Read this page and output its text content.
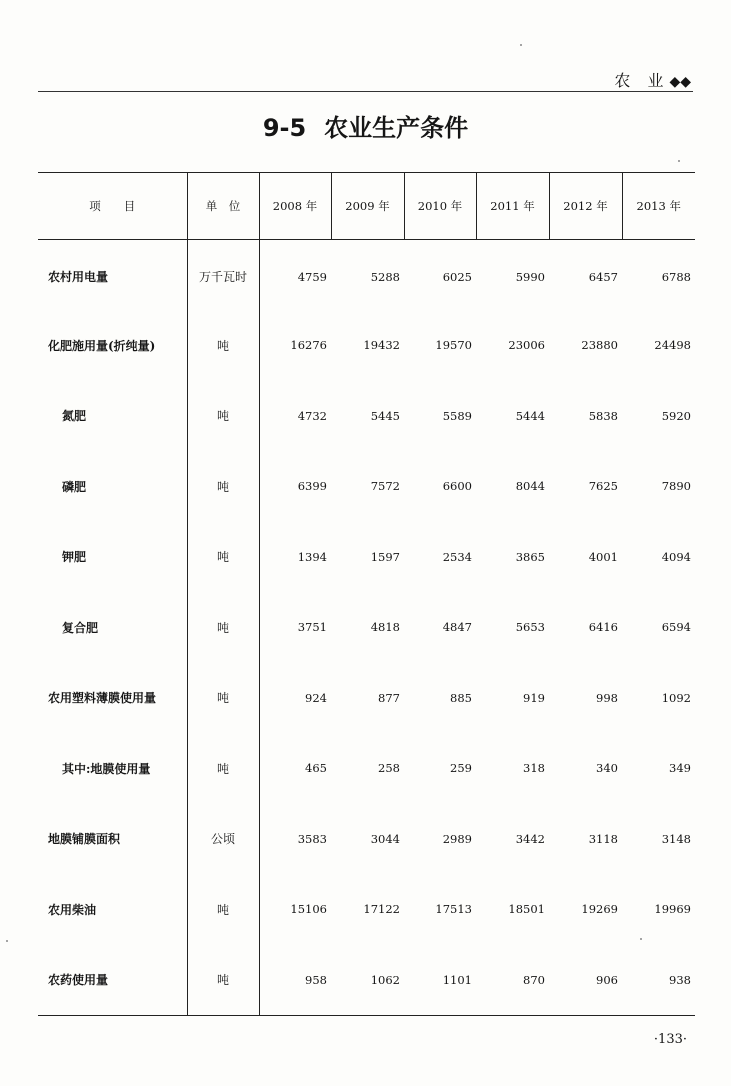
农 业◆◆
9-5 农业生产条件
项　　目	单　位	2008 年	2009 年	2010 年	2011 年	2012 年	2013 年
农村用电量	万千瓦时	4759	5288	6025	5990	6457	6788
化肥施用量(折纯量)	吨	16276	19432	19570	23006	23880	24498
氮肥	吨	4732	5445	5589	5444	5838	5920
磷肥	吨	6399	7572	6600	8044	7625	7890
钾肥	吨	1394	1597	2534	3865	4001	4094
复合肥	吨	3751	4818	4847	5653	6416	6594
农用塑料薄膜使用量	吨	924	877	885	919	998	1092
其中:地膜使用量	吨	465	258	259	318	340	349
地膜铺膜面积	公顷	3583	3044	2989	3442	3118	3148
农用柴油	吨	15106	17122	17513	18501	19269	19969
农药使用量	吨	958	1062	1101	870	906	938
·133·
